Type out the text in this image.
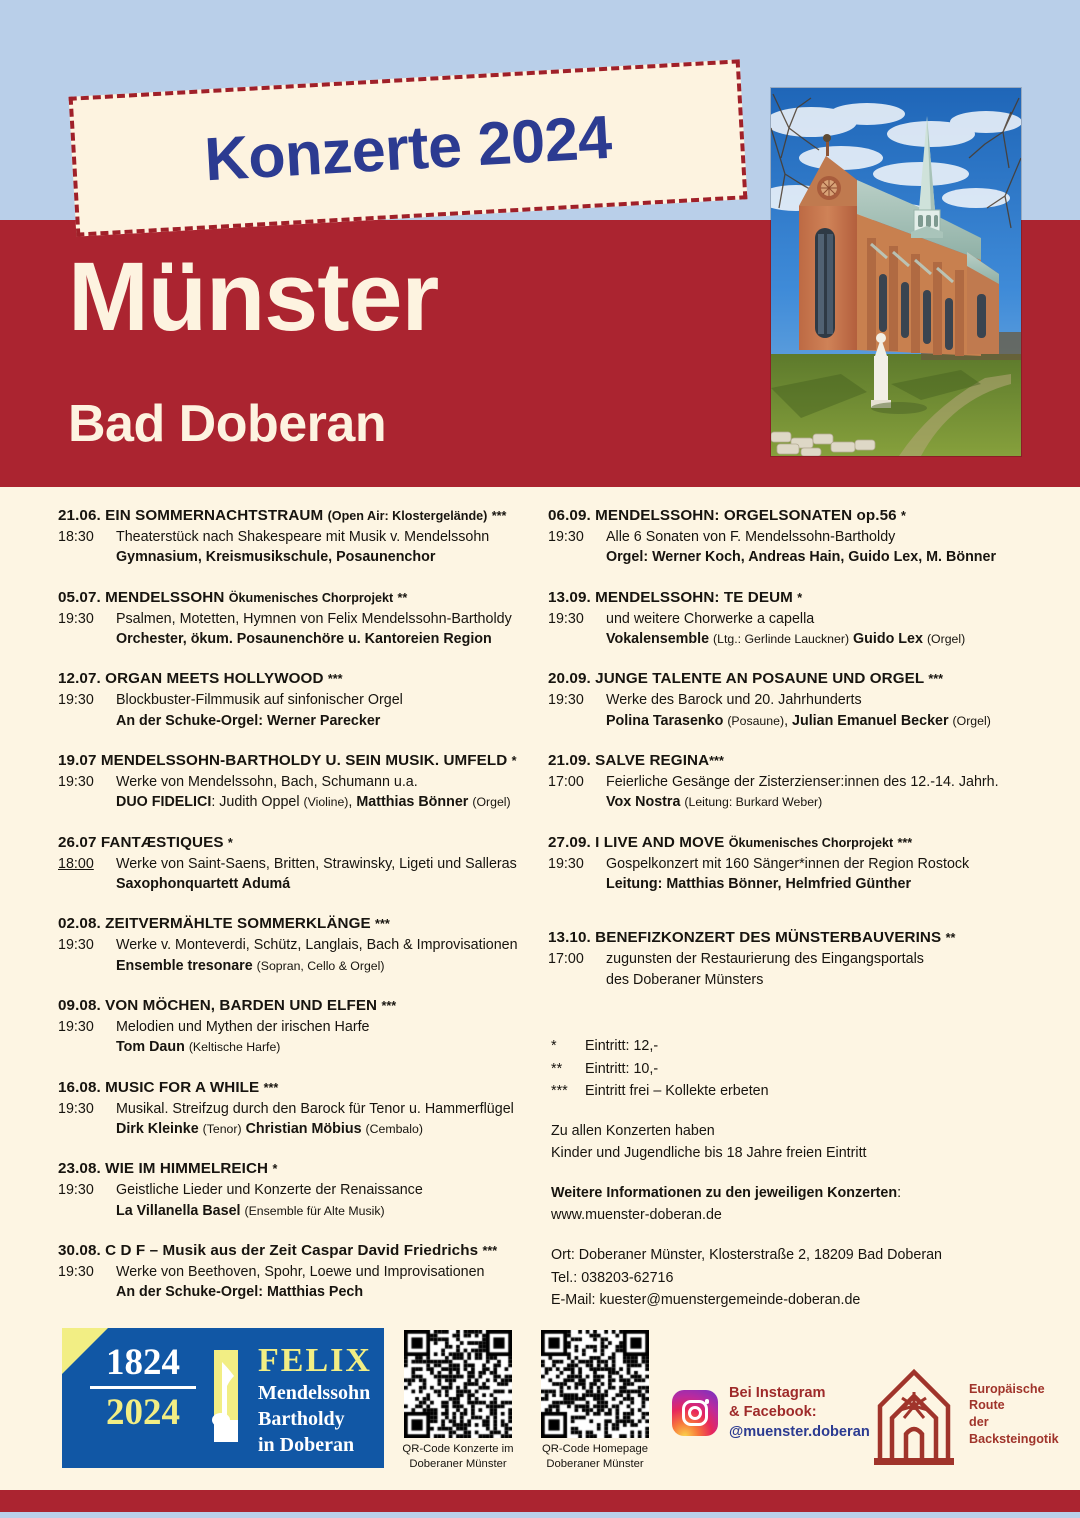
Konzerte 2024
Münster
Bad Doberan
21.06. EIN SOMMERNACHTSTRAUM (Open Air: Klostergelände) ***
18:30	Theaterstück nach Shakespeare mit Musik v. Mendelssohn
Gymnasium, Kreismusikschule, Posaunenchor
05.07. MENDELSSOHN Ökumenisches Chorprojekt **
19:30	Psalmen, Motetten, Hymnen von Felix Mendelssohn-Bartholdy
Orchester, ökum. Posaunenchöre u. Kantoreien Region
12.07. ORGAN MEETS HOLLYWOOD ***
19:30	Blockbuster-Filmmusik auf sinfonischer Orgel
An der Schuke-Orgel: Werner Parecker
19.07 MENDELSSOHN-BARTHOLDY U. SEIN MUSIK. UMFELD *
19:30	Werke von Mendelssohn, Bach, Schumann u.a.
DUO FIDELICI: Judith Oppel (Violine), Matthias Bönner (Orgel)
26.07 FANTÆSTIQUES *
18:00	Werke von Saint-Saens, Britten, Strawinsky, Ligeti und Salleras
Saxophonquartett Adumá
02.08. ZEITVERMÄHLTE SOMMERKLÄNGE ***
19:30	Werke v. Monteverdi, Schütz, Langlais, Bach & Improvisationen
Ensemble tresonare (Sopran, Cello & Orgel)
09.08. VON MÖCHEN, BARDEN UND ELFEN ***
19:30	Melodien und Mythen der irischen Harfe
Tom Daun (Keltische Harfe)
16.08. MUSIC FOR A WHILE ***
19:30	Musikal. Streifzug durch den Barock für Tenor u. Hammerflügel
Dirk Kleinke (Tenor) Christian Möbius (Cembalo)
23.08. WIE IM HIMMELREICH *
19:30	Geistliche Lieder und Konzerte der Renaissance
La Villanella Basel (Ensemble für Alte Musik)
30.08. C D F – Musik aus der Zeit Caspar David Friedrichs ***
19:30	Werke von Beethoven, Spohr, Loewe und Improvisationen
An der Schuke-Orgel: Matthias Pech
06.09. MENDELSSOHN: ORGELSONATEN op.56 *
19:30	Alle 6 Sonaten von F. Mendelssohn-Bartholdy
Orgel: Werner Koch, Andreas Hain, Guido Lex, M. Bönner
13.09. MENDELSSOHN: TE DEUM *
19:30	und weitere Chorwerke a capella
Vokalensemble (Ltg.: Gerlinde Lauckner) Guido Lex (Orgel)
20.09. JUNGE TALENTE AN POSAUNE UND ORGEL ***
19:30	Werke des Barock und 20. Jahrhunderts
Polina Tarasenko (Posaune), Julian Emanuel Becker (Orgel)
21.09. SALVE REGINA***
17:00	Feierliche Gesänge der Zisterzienser:innen des 12.-14. Jahrh.
Vox Nostra (Leitung: Burkard Weber)
27.09. I LIVE AND MOVE Ökumenisches Chorprojekt ***
19:30	Gospelkonzert mit 160 Sänger*innen der Region Rostock
Leitung: Matthias Bönner, Helmfried Günther
13.10. BENEFIZKONZERT DES MÜNSTERBAUVERINS **
17:00	zugunsten der Restaurierung des Eingangsportals
des Doberaner Münsters
*	Eintritt: 12,-
**	Eintritt: 10,-
***	Eintritt frei – Kollekte erbeten
Zu allen Konzerten haben
Kinder und Jugendliche bis 18 Jahre freien Eintritt
Weitere Informationen zu den jeweiligen Konzerten:
www.muenster-doberan.de
Ort: Doberaner Münster, Klosterstraße 2, 18209 Bad Doberan
Tel.: 038203-62716
E-Mail: kuester@muenstergemeinde-doberan.de
1824
2024
FELIX
Mendelssohn
Bartholdy
in Doberan	QR-Code Konzerte im
Doberaner Münster
QR-Code Homepage
Doberaner Münster
Bei Instagram
& Facebook:
@muenster.doberan
Europäische Route
der Backsteingotik
